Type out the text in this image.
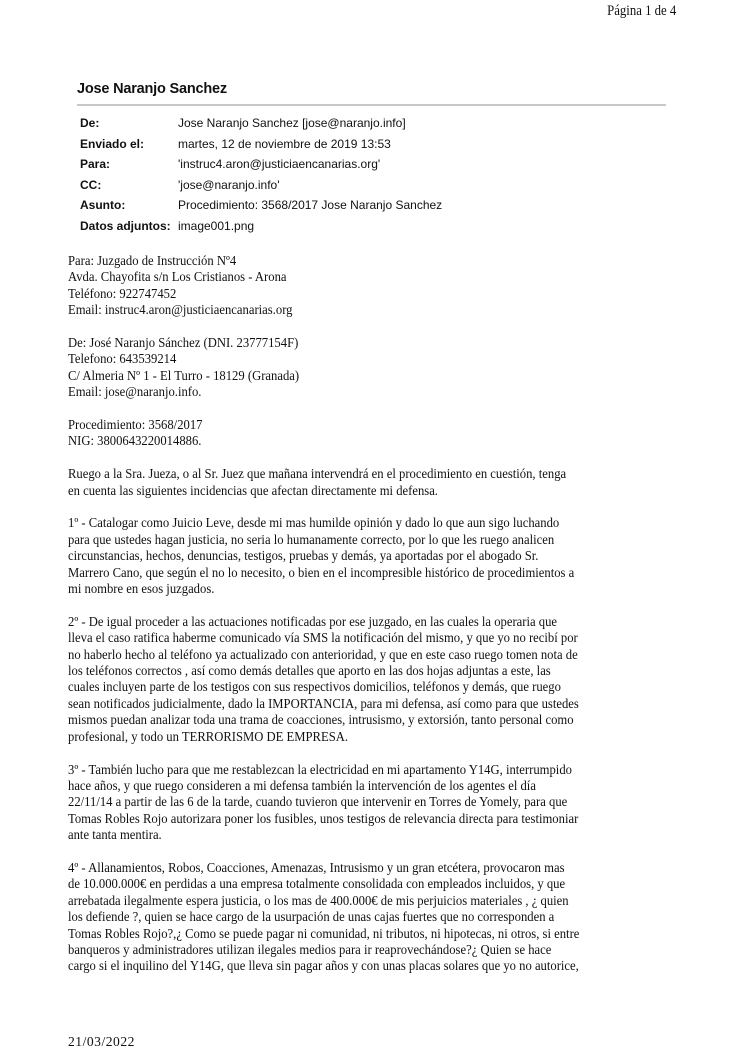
Página 1 de 4
Jose Naranjo Sanchez
De:	Jose Naranjo Sanchez [jose@naranjo.info]
Enviado el:	martes, 12 de noviembre de 2019 13:53
Para:	'instruc4.aron@justiciaencanarias.org'
CC:	'jose@naranjo.info'
Asunto:	Procedimiento: 3568/2017 Jose Naranjo Sanchez
Datos adjuntos: image001.png
Para: Juzgado de Instrucción Nº4
Avda. Chayofita s/n Los Cristianos - Arona
Teléfono: 922747452
Email: instruc4.aron@justiciaencanarias.org
De: José Naranjo Sánchez (DNI. 23777154F)
Telefono: 643539214
C/ Almeria Nº 1 - El Turro - 18129 (Granada)
Email: jose@naranjo.info.
Procedimiento: 3568/2017
NIG: 3800643220014886.
Ruego a la Sra. Jueza, o al Sr. Juez que mañana intervendrá en el procedimiento en cuestión, tenga
en cuenta las siguientes incidencias que afectan directamente mi defensa.
1º - Catalogar como Juicio Leve, desde mi mas humilde opinión y dado lo que aun sigo luchando
para que ustedes hagan justicia, no seria lo humanamente correcto, por lo que les ruego analicen
circunstancias, hechos, denuncias, testigos, pruebas y demás, ya aportadas por el abogado Sr.
Marrero Cano, que según el no lo necesito, o bien en el incompresible histórico de procedimientos a
mi nombre en esos juzgados.
2º - De igual proceder a las actuaciones notificadas por ese juzgado, en las cuales la operaria que
lleva el caso ratifica haberme comunicado vía SMS la notificación del mismo, y que yo no recibí por
no haberlo hecho al teléfono ya actualizado con anterioridad, y que en este caso ruego tomen nota de
los teléfonos correctos , así como demás detalles que aporto en las dos hojas adjuntas a este, las
cuales incluyen parte de los testigos con sus respectivos domicilios, teléfonos y demás, que ruego
sean notificados judicialmente, dado la IMPORTANCIA, para mi defensa, así como para que ustedes
mismos puedan analizar toda una trama de coacciones, intrusismo, y extorsión, tanto personal como
profesional, y todo un TERRORISMO DE EMPRESA.
3º - También lucho para que me restablezcan la electricidad en mi apartamento Y14G, interrumpido
hace años, y que ruego consideren a mi defensa también la intervención de los agentes el día
22/11/14 a partir de las 6 de la tarde, cuando tuvieron que intervenir en Torres de Yomely, para que
Tomas Robles Rojo autorizara poner los fusibles, unos testigos de relevancia directa para testimoniar
ante tanta mentira.
4º - Allanamientos, Robos, Coacciones, Amenazas, Intrusismo y un gran etcétera, provocaron mas
de 10.000.000€ en perdidas a una empresa totalmente consolidada con empleados incluidos, y que
arrebatada ilegalmente espera justicia, o los mas de 400.000€ de mis perjuicios materiales , ¿ quien
los defiende ?, quien se hace cargo de la usurpación de unas cajas fuertes que no corresponden a
Tomas Robles Rojo?,¿ Como se puede pagar ni comunidad, ni tributos, ni hipotecas, ni otros, si entre
banqueros y administradores utilizan ilegales medios para ir reaprovechándose?¿ Quien se hace
cargo si el inquilino del Y14G, que lleva sin pagar años y con unas placas solares que yo no autorice,
21/03/2022
